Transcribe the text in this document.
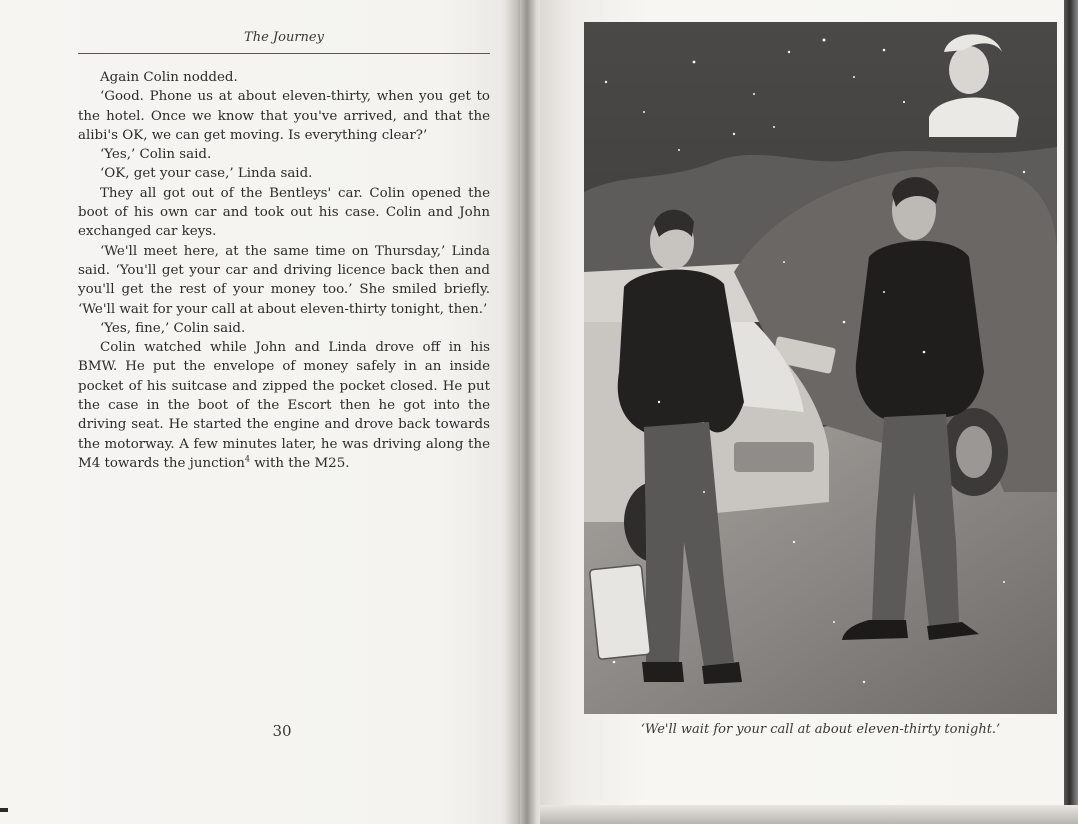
The Journey

Again Colin nodded.

‘Good. Phone us at about eleven-thirty, when you get to the hotel. Once we know that you've arrived, and that the alibi's OK, we can get moving. Is everything clear?’

‘Yes,’ Colin said.

‘OK, get your case,’ Linda said.

They all got out of the Bentleys' car. Colin opened the boot of his own car and took out his case. Colin and John exchanged car keys.

‘We'll meet here, at the same time on Thursday,’ Linda said. ‘You'll get your car and driving licence back then and you'll get the rest of your money too.’ She smiled briefly. ‘We'll wait for your call at about eleven-thirty tonight, then.’

‘Yes, fine,’ Colin said.

Colin watched while John and Linda drove off in his BMW. He put the envelope of money safely in an inside pocket of his suitcase and zipped the pocket closed. He put the case in the boot of the Escort then he got into the driving seat. He started the engine and drove back towards the motorway. A few minutes later, he was driving along the M4 towards the junction$^4$ with the M25.

30	‘We'll wait for your call at about eleven-thirty tonight.’
